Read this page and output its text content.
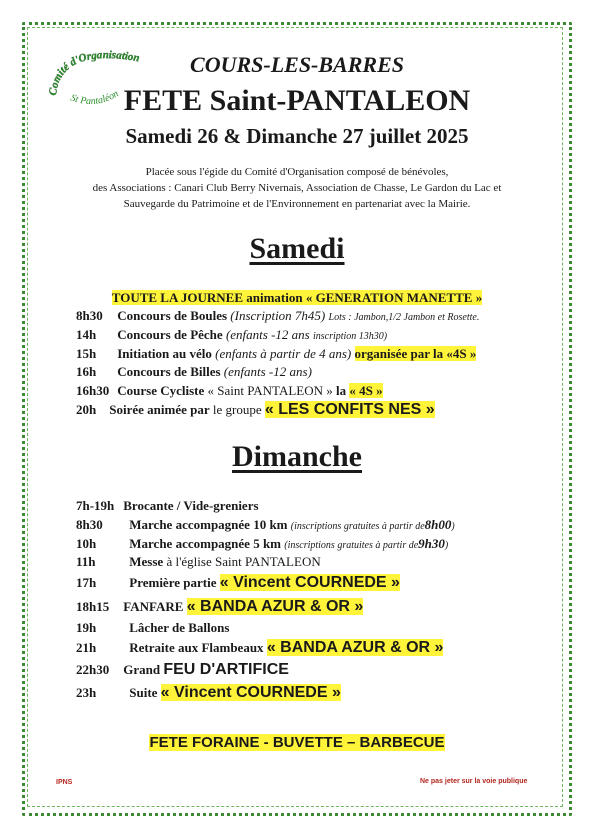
Comité d'Organisation
St Pantaléon
COURS-LES-BARRES
FETE Saint-PANTALEON
Samedi 26 & Dimanche 27 juillet 2025
Placée sous l'égide du Comité d'Organisation composé de bénévoles,
des Associations : Canari Club Berry Nivernais, Association de Chasse, Le Gardon du Lac et
Sauvegarde du Patrimoine et de l'Environnement en partenariat avec la Mairie.
Samedi
TOUTE LA JOURNEE animation « GENERATION MANETTE »
8h30 Concours de Boules (Inscription 7h45) Lots : Jambon,1/2 Jambon et Rosette.
14h Concours de Pêche (enfants -12 ans inscription 13h30)
15h Initiation au vélo (enfants à partir de 4 ans) organisée par la «4S »
16h Concours de Billes (enfants -12 ans)
16h30 Course Cycliste « Saint PANTALEON » la « 4S »
20h Soirée animée par le groupe « LES CONFITS NES »
Dimanche
7h-19h Brocante / Vide-greniers
8h30 Marche accompagnée 10 km (inscriptions gratuites à partir de8h00)
10h	Marche accompagnée 5 km (inscriptions gratuites à partir de9h30)
11h	Messe à l'église Saint PANTALEON
17h	Première partie « Vincent COURNEDE »
18h15 FANFARE « BANDA AZUR & OR »
19h	Lâcher de Ballons
21h	Retraite aux Flambeaux « BANDA AZUR & OR »
22h30 Grand FEU D'ARTIFICE
23h	Suite « Vincent COURNEDE »
FETE FORAINE - BUVETTE – BARBECUE
IPNS	Ne pas jeter sur la voie publique
